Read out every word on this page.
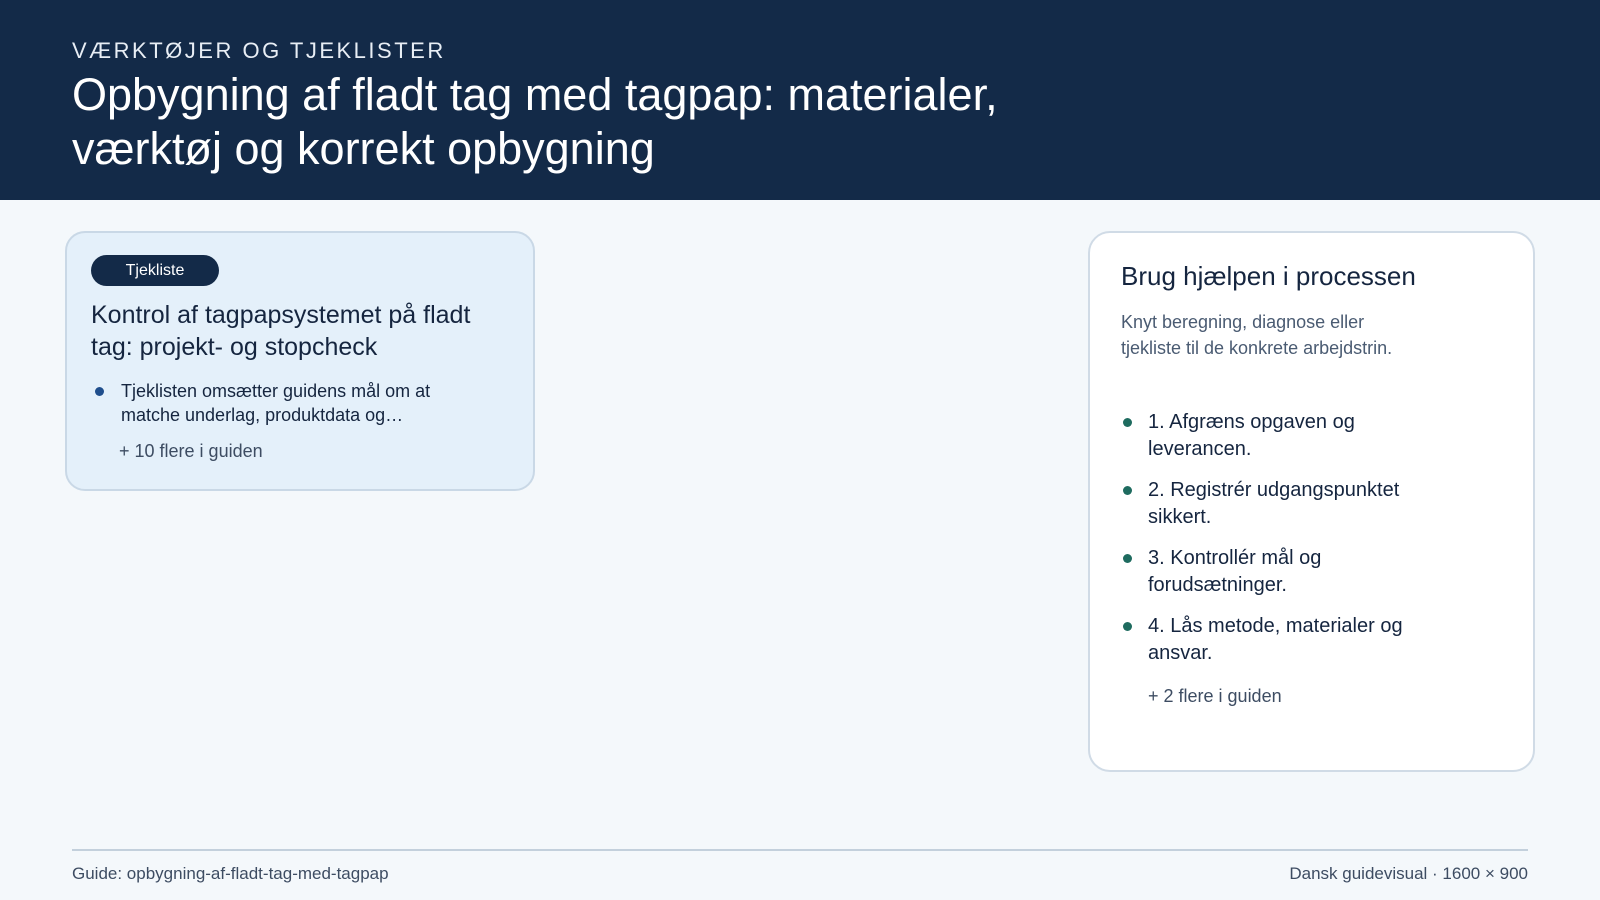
VÆRKTØJER OG TJEKLISTER
Opbygning af fladt tag med tagpap: materialer, værktøj og korrekt opbygning
Tjekliste
Kontrol af tagpapsystemet på fladt tag: projekt- og stopcheck
Tjeklisten omsætter guidens mål om at matche underlag, produktdata og…
+ 10 flere i guiden
Brug hjælpen i processen
Knyt beregning, diagnose eller tjekliste til de konkrete arbejdstrin.
1. Afgræns opgaven og leverancen.
2. Registrér udgangspunktet sikkert.
3. Kontrollér mål og forudsætninger.
4. Lås metode, materialer og ansvar.
+ 2 flere i guiden
Guide: opbygning-af-fladt-tag-med-tagpap	Dansk guidevisual · 1600 × 900
